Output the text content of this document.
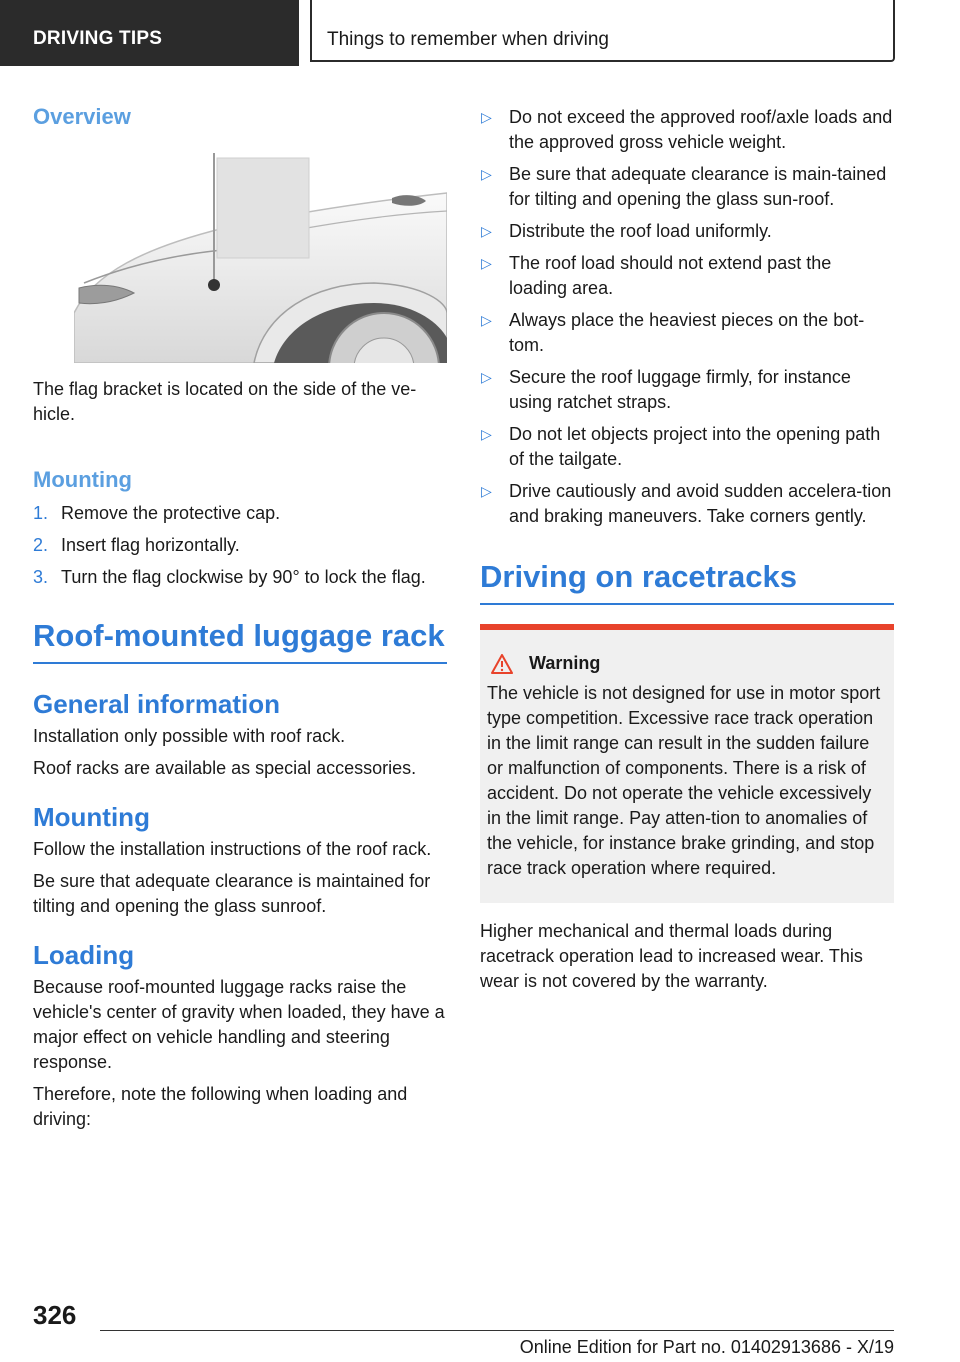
DRIVING TIPS	Things to remember when driving
Overview

The flag bracket is located on the side of the ve‐hicle.

Mounting
1. Remove the protective cap.
2. Insert flag horizontally.
3. Turn the flag clockwise by 90° to lock the flag.
Roof-mounted luggage rack
General information

Installation only possible with roof rack.

Roof racks are available as special accessories.

Mounting

Follow the installation instructions of the roof rack.

Be sure that adequate clearance is maintained for tilting and opening the glass sunroof.

Loading

Because roof-mounted luggage racks raise the vehicle's center of gravity when loaded, they have a major effect on vehicle handling and steering response.

Therefore, note the following when loading and driving:

▷ Do not exceed the approved roof/axle loads and the approved gross vehicle weight.
▷ Be sure that adequate clearance is main‐tained for tilting and opening the glass sun‐roof.
▷ Distribute the roof load uniformly.
▷ The roof load should not extend past the loading area.
▷ Always place the heaviest pieces on the bot‐tom.
▷ Secure the roof luggage firmly, for instance using ratchet straps.
▷ Do not let objects project into the opening path of the tailgate.
▷ Drive cautiously and avoid sudden accelera‐tion and braking maneuvers. Take corners gently.
Driving on racetracks
Warning

The vehicle is not designed for use in motor sport type competition. Excessive race track operation in the limit range can result in the sudden failure or malfunction of components. There is a risk of accident. Do not operate the vehicle excessively in the limit range. Pay atten‐tion to anomalies of the vehicle, for instance brake grinding, and stop race track operation where required.

Higher mechanical and thermal loads during racetrack operation lead to increased wear. This wear is not covered by the warranty.

326
Online Edition for Part no. 01402913686 - X/19
